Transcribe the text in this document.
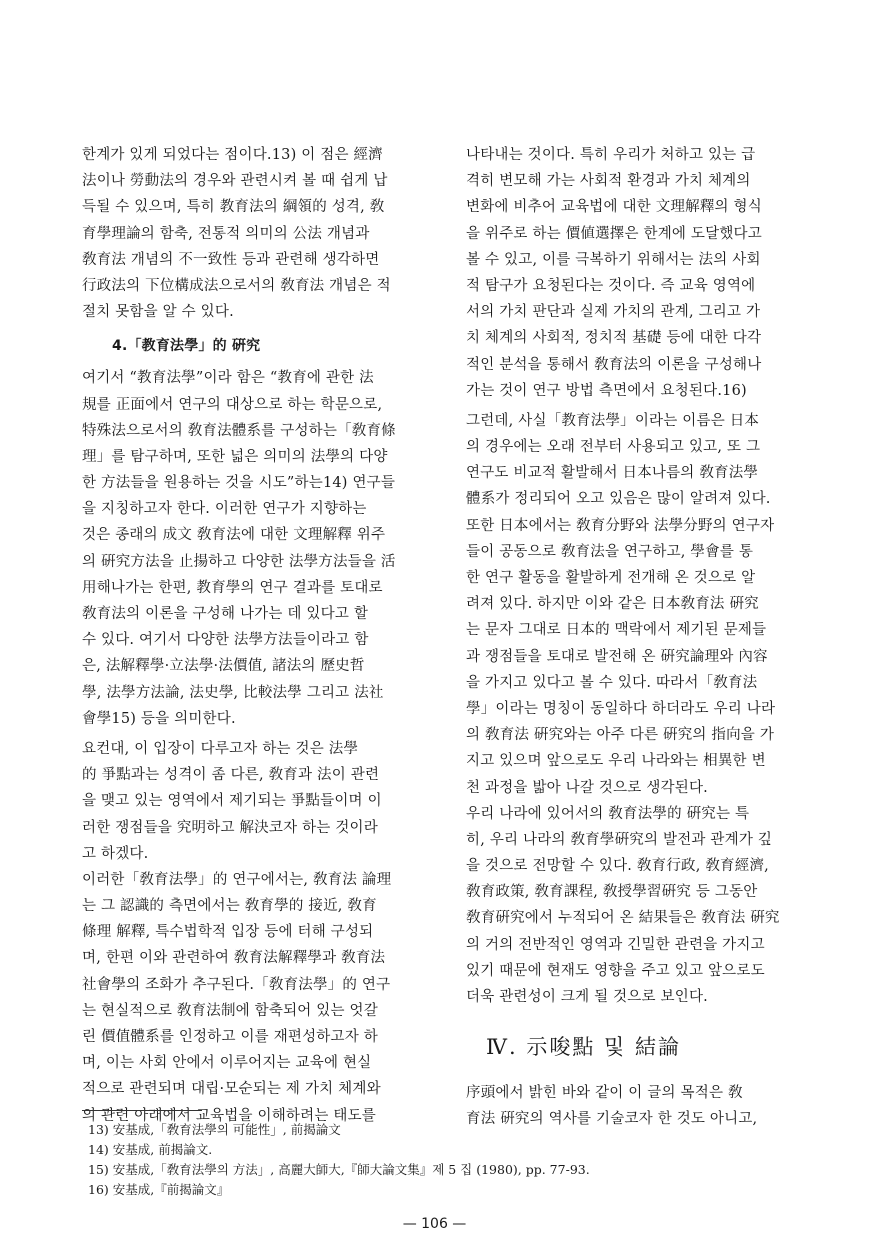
한계가 있게 되었다는 점이다.13) 이 점은 經濟
法이나 勞動法의 경우와 관련시켜 볼 때 쉽게 납
득될 수 있으며, 특히 教育法의 綱領的 성격, 敎
育學理論의 함축, 전통적 의미의 公法 개념과
敎育法 개념의 不一致性 등과 관련해 생각하면
行政法의 下位構成法으로서의 敎育法 개념은 적
절치 못함을 알 수 있다.
4.「教育法學」的 硏究
여기서 “教育法學”이라 함은 “教育에 관한 法
規를 正面에서 연구의 대상으로 하는 학문으로,
特殊法으로서의 敎育法體系를 구성하는「敎育條
理」를 탐구하며, 또한 넓은 의미의 法學의 다양
한 方法들을 원용하는 것을 시도”하는14) 연구들
을 지칭하고자 한다. 이러한 연구가 지향하는
것은 종래의 成文 敎育法에 대한 文理解釋 위주
의 硏究方法을 止揚하고 다양한 法學方法들을 活
用해나가는 한편, 教育學의 연구 결과를 토대로
敎育法의 이론을 구성해 나가는 데 있다고 할
수 있다. 여기서 다양한 法學方法들이라고 함
은, 法解釋學·立法學·法價值, 諸法의 歷史哲
學, 法學方法論, 法史學, 比較法學 그리고 法社
會學15) 등을 의미한다.
요컨대, 이 입장이 다루고자 하는 것은 法學
的 爭點과는 성격이 좀 다른, 敎育과 法이 관련
을 맺고 있는 영역에서 제기되는 爭點들이며 이
러한 쟁점들을 究明하고 解決코자 하는 것이라
고 하겠다.
이러한「敎育法學」的 연구에서는, 敎育法 論理
는 그 認識的 측면에서는 敎育學的 接近, 敎育
條理 解釋, 특수법학적 입장 등에 터해 구성되
며, 한편 이와 관련하여 敎育法解釋學과 敎育法
社會學의 조화가 추구된다.「敎育法學」的 연구
는 현실적으로 敎育法制에 함축되어 있는 엇갈
린 價值體系를 인정하고 이를 재편성하고자 하
며, 이는 사회 안에서 이루어지는 교육에 현실
적으로 관련되며 대립·모순되는 제 가치 체계와
의 관련 아래에서 교육법을 이해하려는 태도를
나타내는 것이다. 특히 우리가 처하고 있는 급
격히 변모해 가는 사회적 환경과 가치 체계의
변화에 비추어 교육법에 대한 文理解釋의 형식
을 위주로 하는 價値選擇은 한계에 도달했다고
볼 수 있고, 이를 극복하기 위해서는 法의 사회
적 탐구가 요청된다는 것이다. 즉 교육 영역에
서의 가치 판단과 실제 가치의 관계, 그리고 가
치 체계의 사회적, 정치적 基礎 등에 대한 다각
적인 분석을 통해서 敎育法의 이론을 구성해나
가는 것이 연구 방법 측면에서 요청된다.16)
그런데, 사실「教育法學」이라는 이름은 日本
의 경우에는 오래 전부터 사용되고 있고, 또 그
연구도 비교적 활발해서 日本나름의 敎育法學
體系가 정리되어 오고 있음은 많이 알려져 있다.
또한 日本에서는 敎育分野와 法學分野의 연구자
들이 공동으로 敎育法을 연구하고, 學會를 통
한 연구 활동을 활발하게 전개해 온 것으로 알
려져 있다. 하지만 이와 같은 日本敎育法 硏究
는 문자 그대로 日本的 맥락에서 제기된 문제들
과 쟁점들을 토대로 발전해 온 硏究論理와 內容
을 가지고 있다고 볼 수 있다. 따라서「敎育法
學」이라는 명칭이 동일하다 하더라도 우리 나라
의 敎育法 硏究와는 아주 다른 硏究의 指向을 가
지고 있으며 앞으로도 우리 나라와는 相異한 변
천 과정을 밟아 나갈 것으로 생각된다.
우리 나라에 있어서의 敎育法學的 硏究는 특
히, 우리 나라의 敎育學硏究의 발전과 관계가 깊
을 것으로 전망할 수 있다. 敎育行政, 敎育經濟,
敎育政策, 敎育課程, 敎授學習硏究 등 그동안
敎育硏究에서 누적되어 온 結果들은 敎育法 硏究
의 거의 전반적인 영역과 긴밀한 관련을 가지고
있기 때문에 현재도 영향을 주고 있고 앞으로도
더욱 관련성이 크게 될 것으로 보인다.
Ⅳ. 示唆點 및 結論
序頭에서 밝힌 바와 같이 이 글의 목적은 敎
育法 硏究의 역사를 기술코자 한 것도 아니고,
13) 安基成,「敎育法學의 可能性」, 前揭論文
14) 安基成, 前揭論文.
15) 安基成,「敎育法學의 方法」, 高麗大師大,『師大論文集』제 5 집 (1980), pp. 77-93.
16) 安基成,『前揭論文』
— 106 —
